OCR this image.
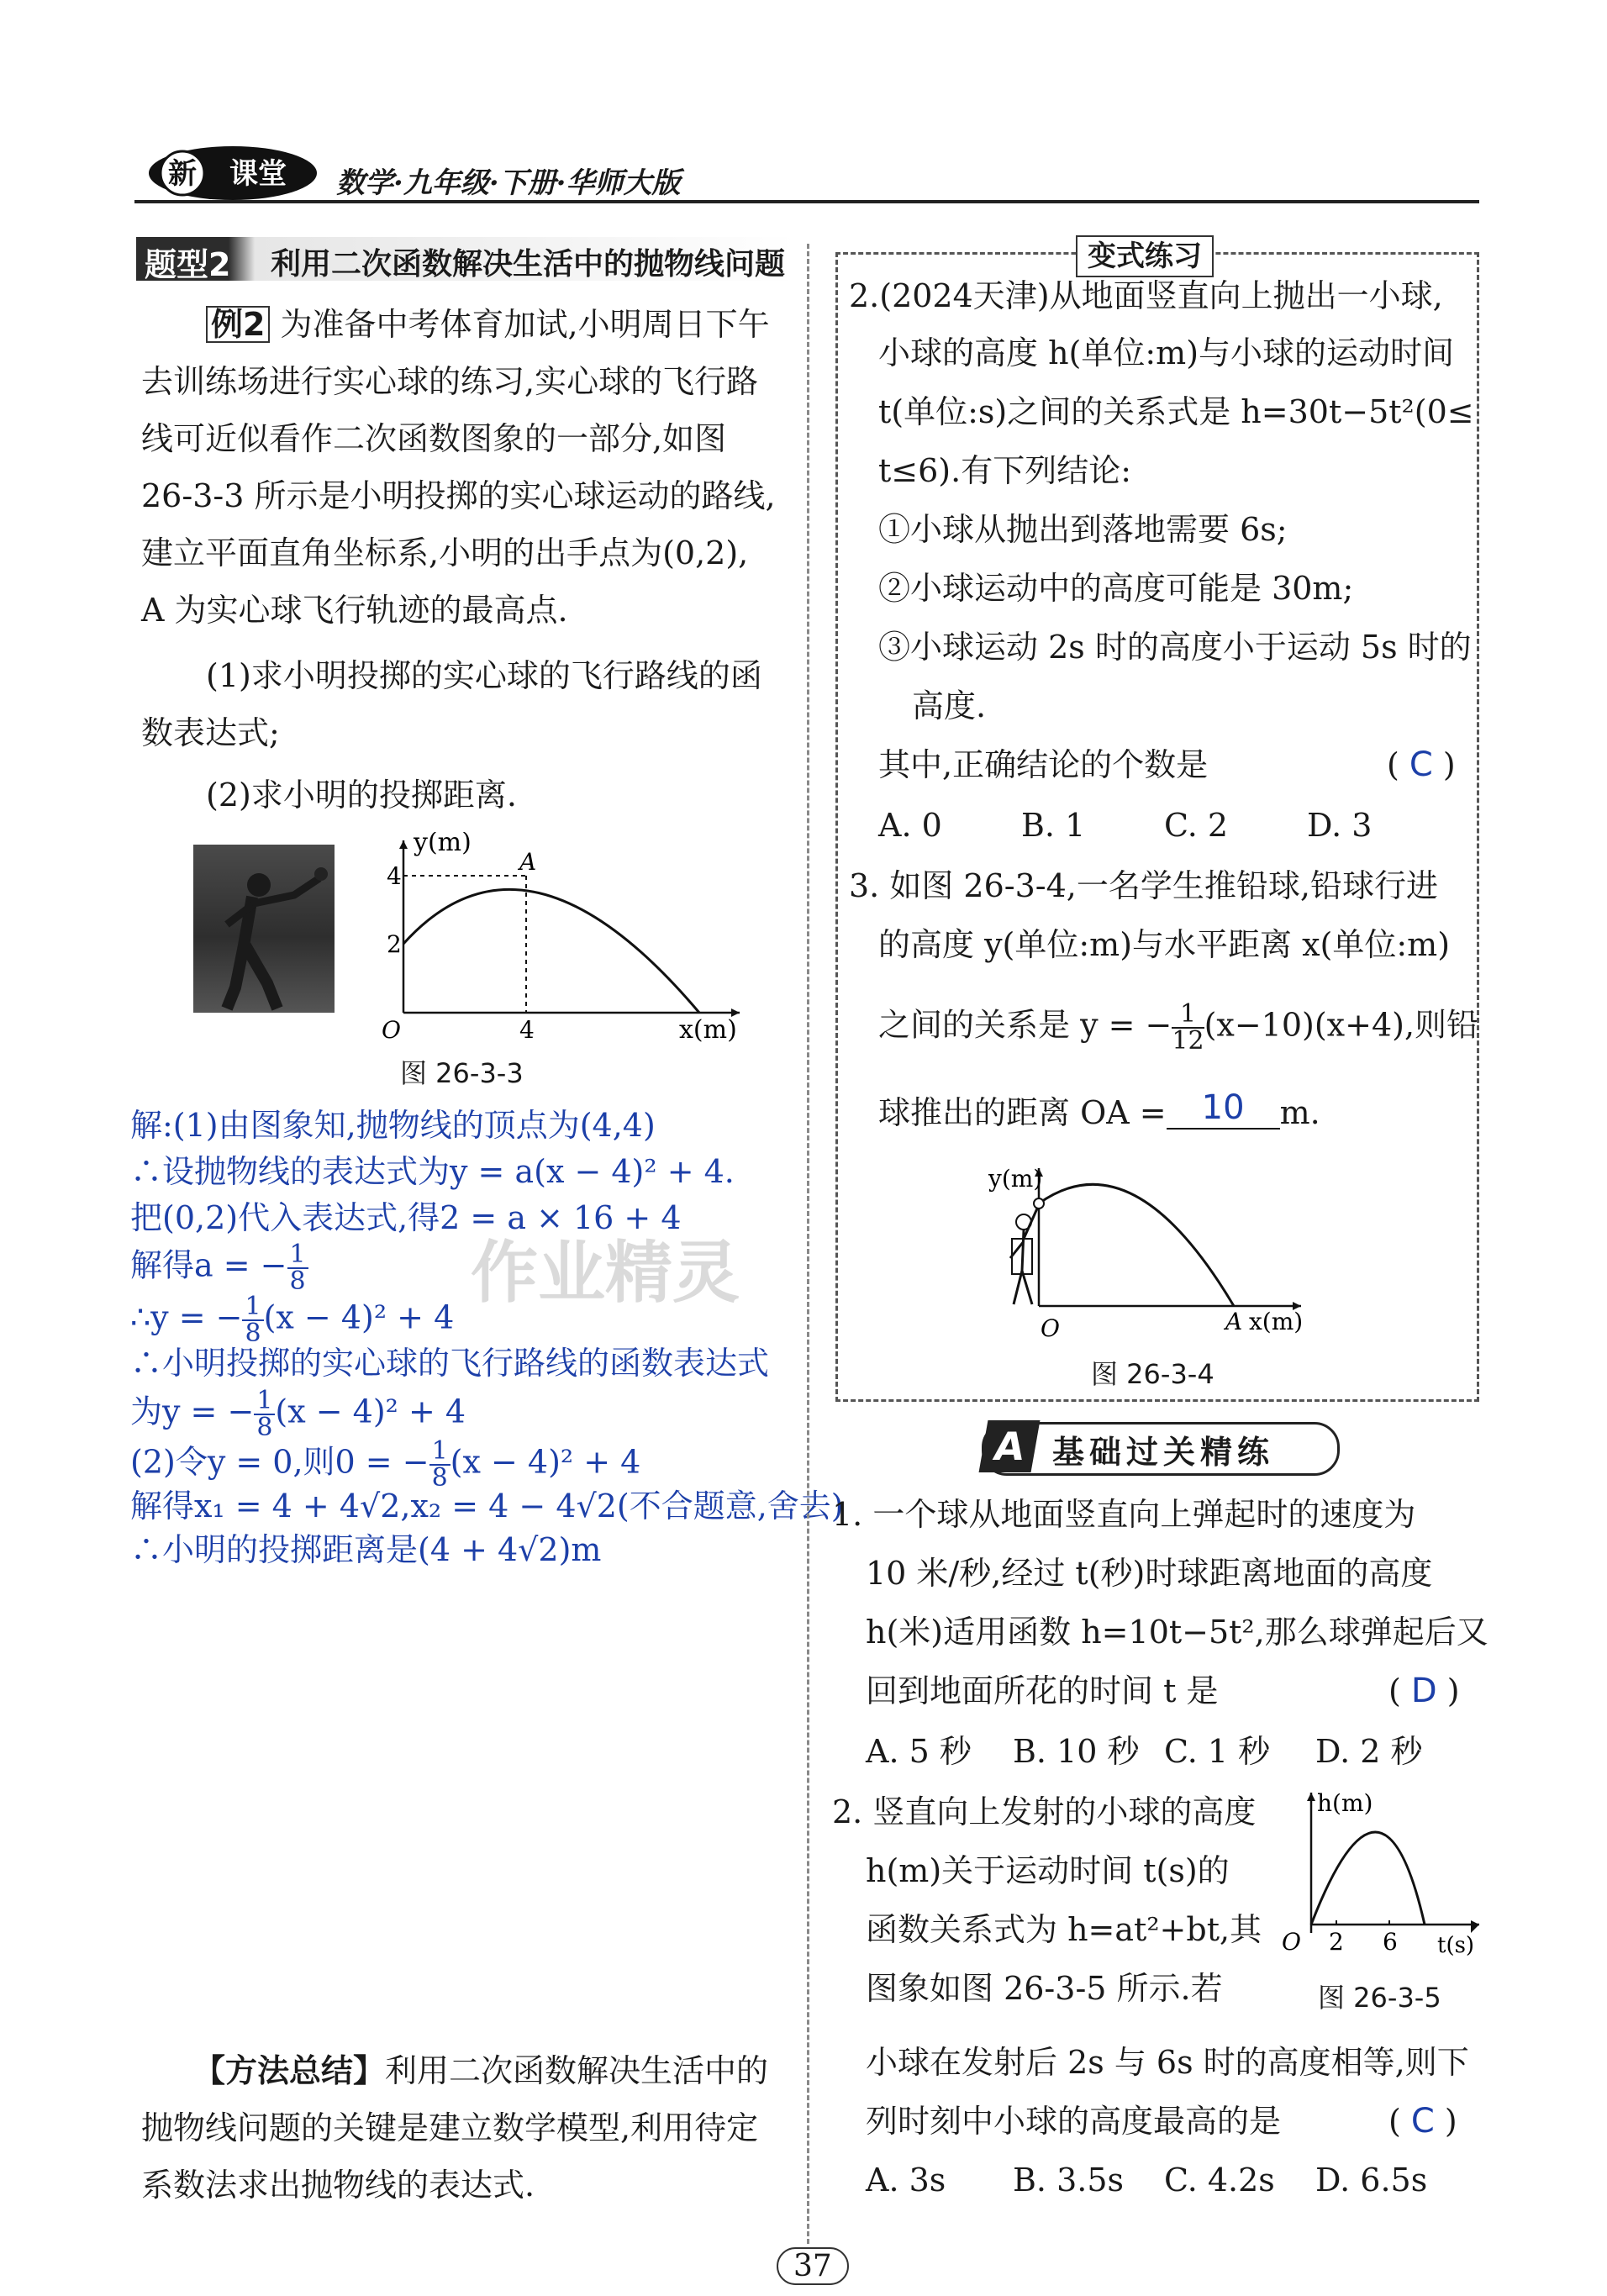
新 课堂 数学·九年级·下册·华师大版
题型2 利用二次函数解决生活中的抛物线问题
例2 为准备中考体育加试,小明周日下午
去训练场进行实心球的练习,实心球的飞行路
线可近似看作二次函数图象的一部分,如图
26-3-3 所示是小明投掷的实心球运动的路线,
建立平面直角坐标系,小明的出手点为(0,2),
A 为实心球飞行轨迹的最高点.
(1)求小明投掷的实心球的飞行路线的函
数表达式;
(2)求小明的投掷距离.
y(m)
4
2
A
O	4	x(m)
图 26-3-3
解:(1)由图象知,抛物线的顶点为(4,4)
∴设抛物线的表达式为y = a(x − 4)² + 4.
把(0,2)代入表达式,得2 = a × 16 + 4
解得a = − $\frac{1}{8}$
∴y = − $\frac{1}{8} (x - 4)^2 + 4$
∴小明投掷的实心球的飞行路线的函数表达式
为y = − $\frac{1}{8} (x - 4)^2 + 4$
(2)令y = 0,则0 = − $\frac{1}{8} (x - 4)^2 + 4$
解得x₁ = 4 + 4√2,x₂ = 4 − 4√2(不合题意,舍去)
∴小明的投掷距离是(4 + 4√2)m
作业精灵
【方法总结】利用二次函数解决生活中的
抛物线问题的关键是建立数学模型,利用待定
系数法求出抛物线的表达式.
变式练习
2.(2024天津)从地面竖直向上抛出一小球,
小球的高度 h(单位:m)与小球的运动时间
t(单位:s)之间的关系式是 h=30t−5t²(0≤
t≤6).有下列结论:
①小球从抛出到落地需要 6s;
②小球运动中的高度可能是 30m;
③小球运动 2s 时的高度小于运动 5s 时的
高度.
其中,正确结论的个数是	( C )
A. 0 B. 1 C. 2 D. 3
3. 如图 26-3-4,一名学生推铅球,铅球行进
的高度 y(单位:m)与水平距离 x(单位:m)
之间的关系是 y = − $\frac{1}{12} (x-10)(x+4)$,则铅
球推出的距离 OA = 10 m.
y(m)
O	A x(m)
图 26-3-4
A 基础过关精练
1. 一个球从地面竖直向上弹起时的速度为
10 米/秒,经过 t(秒)时球距离地面的高度
h(米)适用函数 h=10t−5t²,那么球弹起后又
回到地面所花的时间 t 是	( D )
A. 5 秒 B. 10 秒 C. 1 秒 D. 2 秒
2. 竖直向上发射的小球的高度
h(m)关于运动时间 t(s)的
函数关系式为 h=at²+bt,其
图象如图 26-3-5 所示.若
小球在发射后 2s 与 6s 时的高度相等,则下
列时刻中小球的高度最高的是	( C )
A. 3s B. 3.5s C. 4.2s D. 6.5s
h(m)
O 2 6 t(s)
图 26-3-5
37
